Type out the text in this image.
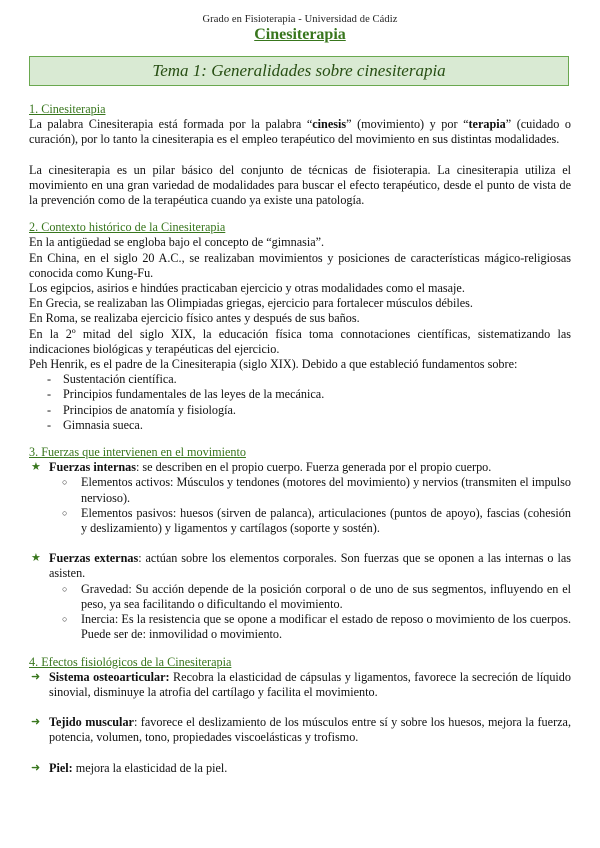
Grado en Fisioterapia - Universidad de Cádiz
Cinesiterapia
Tema 1: Generalidades sobre cinesiterapia
1. Cinesiterapia

La palabra Cinesiterapia está formada por la palabra “cinesis” (movimiento) y por “terapia” (cuidado o curación), por lo tanto la cinesiterapia es el empleo terapéutico del movimiento en sus distintas modalidades.

La cinesiterapia es un pilar básico del conjunto de técnicas de fisioterapia. La cinesiterapia utiliza el movimiento en una gran variedad de modalidades para buscar el efecto terapéutico, desde el punto de vista de la prevención como de la terapéutica cuando ya existe una patología.

2. Contexto histórico de la Cinesiterapia

En la antigüedad se engloba bajo el concepto de “gimnasia”.

En China, en el siglo 20 A.C., se realizaban movimientos y posiciones de características mágico-religiosas conocida como Kung-Fu.

Los egipcios, asirios e hindúes practicaban ejercicio y otras modalidades como el masaje.

En Grecia, se realizaban las Olimpiadas griegas, ejercicio para fortalecer músculos débiles.

En Roma, se realizaba ejercicio físico antes y después de sus baños.

En la 2º mitad del siglo XIX, la educación física toma connotaciones científicas, sistematizando las indicaciones biológicas y terapéuticas del ejercicio.

Peh Henrik, es el padre de la Cinesiterapia (siglo XIX). Debido a que estableció fundamentos sobre:

- Sustentación científica.
- Principios fundamentales de las leyes de la mecánica.
- Principios de anatomía y fisiología.
- Gimnasia sueca.
3. Fuerzas que intervienen en el movimiento
★ Fuerzas internas: se describen en el propio cuerpo. Fuerza generada por el propio cuerpo.
○ Elementos activos: Músculos y tendones (motores del movimiento) y nervios (transmiten el impulso nervioso).
○ Elementos pasivos: huesos (sirven de palanca), articulaciones (puntos de apoyo), fascias (cohesión y deslizamiento) y ligamentos y cartílagos (soporte y sostén).
★ Fuerzas externas: actúan sobre los elementos corporales. Son fuerzas que se oponen a las internas o las asisten.
○ Gravedad: Su acción depende de la posición corporal o de uno de sus segmentos, influyendo en el peso, ya sea facilitando o dificultando el movimiento.
○ Inercia: Es la resistencia que se opone a modificar el estado de reposo o movimiento de los cuerpos. Puede ser de: inmovilidad o movimiento.
4. Efectos fisiológicos de la Cinesiterapia
➜ Sistema osteoarticular: Recobra la elasticidad de cápsulas y ligamentos, favorece la secreción de líquido sinovial, disminuye la atrofia del cartílago y facilita el movimiento.
➜ Tejido muscular: favorece el deslizamiento de los músculos entre sí y sobre los huesos, mejora la fuerza, potencia, volumen, tono, propiedades viscoelásticas y trofismo.
➜ Piel: mejora la elasticidad de la piel.
